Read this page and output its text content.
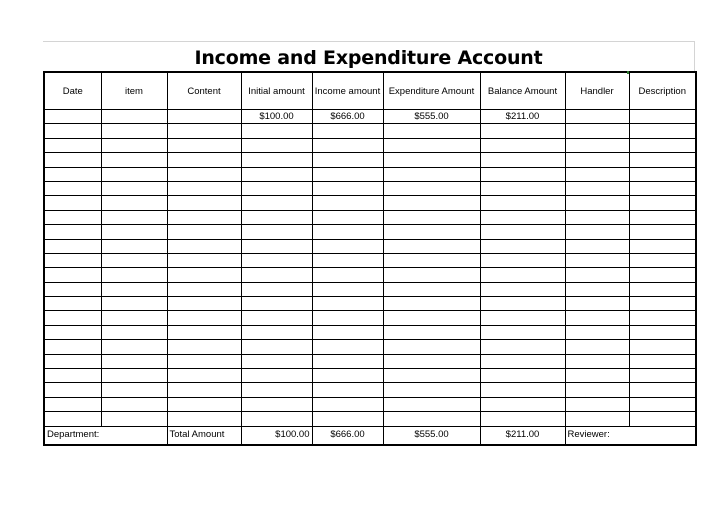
Income and Expenditure Account
Date	item	Content	Initial amount	Income amount	Expenditure Amount	Balance Amount	Handler	Description
			$100.00	$666.00	$555.00	$211.00		

Department:		Total Amount	$100.00	$666.00	$555.00	$211.00	Reviewer:	
